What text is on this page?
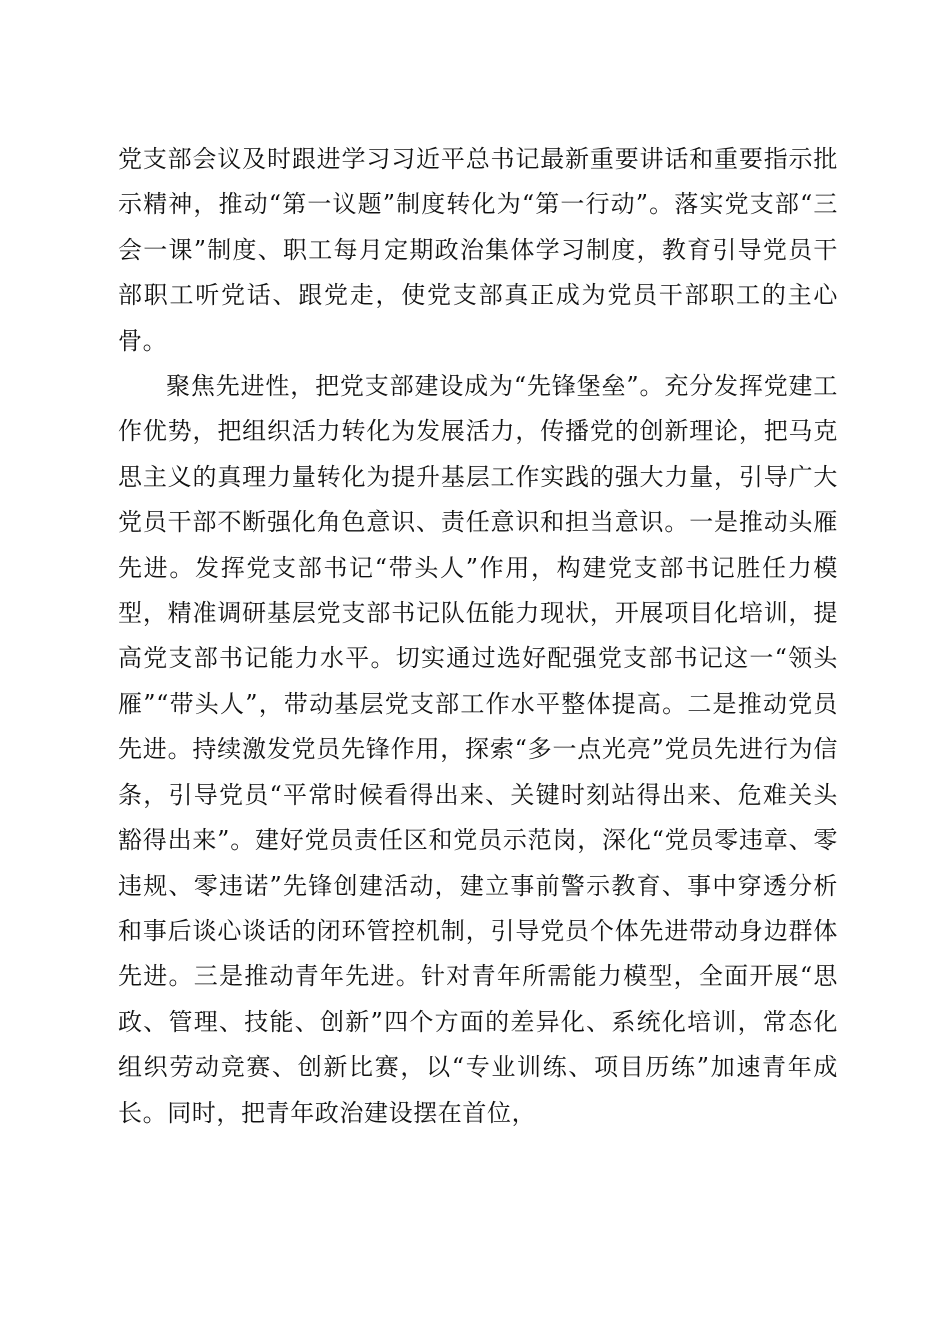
党支部会议及时跟进学习习近平总书记最新重要讲话和重要指示批示精神，推动“第一议题”制度转化为“第一行动”。落实党支部“三会一课”制度、职工每月定期政治集体学习制度，教育引导党员干部职工听党话、跟党走，使党支部真正成为党员干部职工的主心骨。

聚焦先进性，把党支部建设成为“先锋堡垒”。充分发挥党建工作优势，把组织活力转化为发展活力，传播党的创新理论，把马克思主义的真理力量转化为提升基层工作实践的强大力量，引导广大党员干部不断强化角色意识、责任意识和担当意识。一是推动头雁先进。发挥党支部书记“带头人”作用，构建党支部书记胜任力模型，精准调研基层党支部书记队伍能力现状，开展项目化培训，提高党支部书记能力水平。切实通过选好配强党支部书记这一“领头雁”“带头人”，带动基层党支部工作水平整体提高。二是推动党员先进。持续激发党员先锋作用，探索“多一点光亮”党员先进行为信条，引导党员“平常时候看得出来、关键时刻站得出来、危难关头豁得出来”。建好党员责任区和党员示范岗，深化“党员零违章、零违规、零违诺”先锋创建活动，建立事前警示教育、事中穿透分析和事后谈心谈话的闭环管控机制，引导党员个体先进带动身边群体先进。三是推动青年先进。针对青年所需能力模型，全面开展“思政、管理、技能、创新”四个方面的差异化、系统化培训，常态化组织劳动竞赛、创新比赛，以“专业训练、项目历练”加速青年成长。同时，把青年政治建设摆在首位，
